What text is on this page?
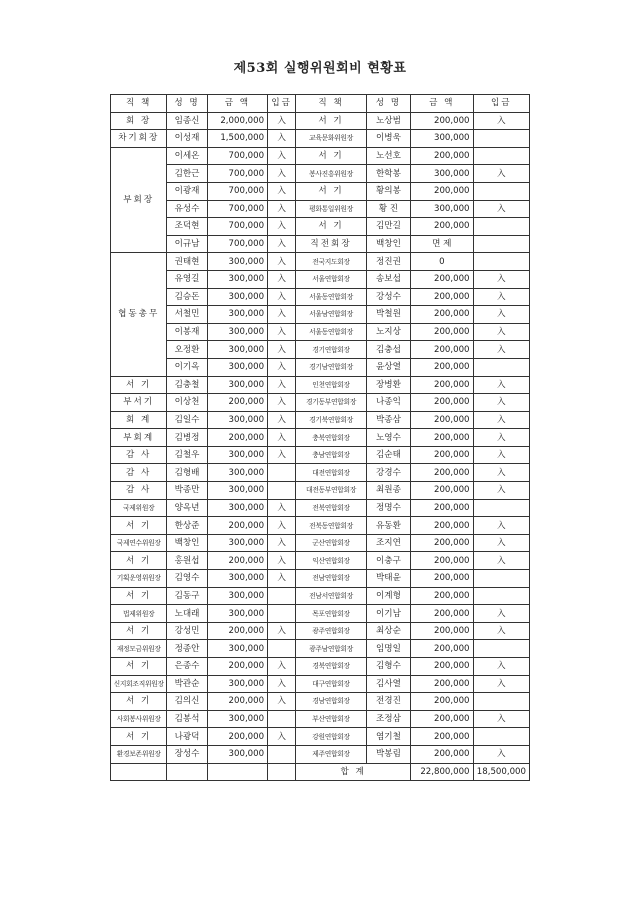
제53회 실행위원회비 현황표
직 책	성 명	금 액	입금	직 책	성 명	금 액	입금
회 장	임종신	2,000,000	入	서 기	노상범	200,000	入
차기회장	이성재	1,500,000	入	교육문화위원장	이병욱	300,000	
부회장	이세온	700,000	入	서 기	노선호	200,000	
	김한근	700,000	入	봉사진흥위원장	한학봉	300,000	入
	이광재	700,000	入	서 기	황의봉	200,000	
	유성수	700,000	入	평화통일위원장	황 진	300,000	入
	조덕현	700,000	入	서 기	김만길	200,000	
	이규남	700,000	入	직전회장	백창인	면 제	
협동총무	권태현	300,000	入	전국지도회장	정진권	0	
	유영길	300,000	入	서울연합회장	송보섭	200,000	入
	김승돈	300,000	入	서울동연합회장	강성수	200,000	入
	서철민	300,000	入	서울남연합회장	박철원	200,000	入
	이봉재	300,000	入	서울동연합회장	노지상	200,000	入
	오정환	300,000	入	경기연합회장	김충섭	200,000	入
	이기옥	300,000	入	경기남연합회장	윤상열	200,000	
서 기	김충철	300,000	入	인천연합회장	장병환	200,000	入
부서기	이상천	200,000	入	경기동부연합회장	나종익	200,000	入
회 계	김일수	300,000	入	경기북연합회장	박종삼	200,000	入
부회계	김병정	200,000	入	충북연합회장	노영수	200,000	入
감 사	김철우	300,000	入	충남연합회장	김순태	200,000	入
감 사	김형배	300,000		대전연합회장	강경수	200,000	入
감 사	박종만	300,000		대전동부연합회장	최원종	200,000	入
국제위원장	양옥년	300,000	入	전북연합회장	정명수	200,000	
서 기	한상준	200,000	入	전북동연합회장	유동환	200,000	入
국제연수위원장	백창인	300,000	入	군산연합회장	조지연	200,000	入
서 기	홍원섭	200,000	入	익산연합회장	이충구	200,000	入
기획운영위원장	김영수	300,000	入	전남연합회장	박태윤	200,000	
서 기	김동구	300,000		전남서연합회장	이계형	200,000	
법제위원장	노대래	300,000		목포연합회장	이기남	200,000	入
서 기	강성민	200,000	入	광주연합회장	최상순	200,000	入
재정모금위원장	정종안	300,000		광주남연합회장	임명일	200,000	
서 기	은종수	200,000	入	경북연합회장	김형수	200,000	入
신지회조직위원장	박관순	300,000	入	대구연합회장	김사열	200,000	入
서 기	김의신	200,000	入	경남연합회장	전경진	200,000	
사회봉사위원장	김봉석	300,000		부산연합회장	조정삼	200,000	入
서 기	나광덕	200,000	入	강원연합회장	염기철	200,000	
환경보존위원장	장성수	300,000		제주연합회장	박봉림	200,000	入
				합 계		22,800,000	18,500,000
